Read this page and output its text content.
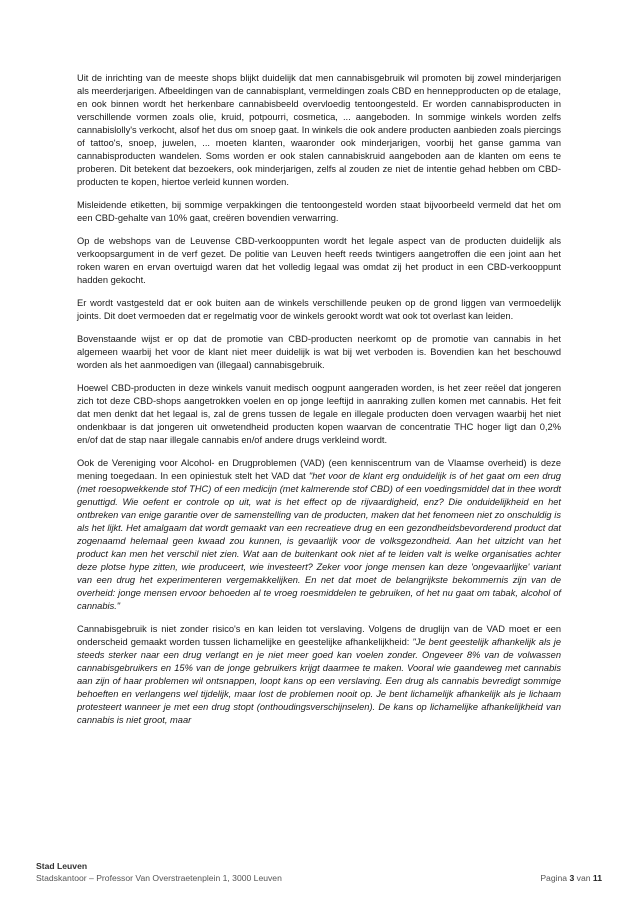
Uit de inrichting van de meeste shops blijkt duidelijk dat men cannabisgebruik wil promoten bij zowel minderjarigen als meerderjarigen. Afbeeldingen van de cannabisplant, vermeldingen zoals CBD en hennepproducten op de etalage, en ook binnen wordt het herkenbare cannabisbeeld overvloedig tentoongesteld. Er worden cannabisproducten in verschillende vormen zoals olie, kruid, potpourri, cosmetica, ... aangeboden. In sommige winkels worden zelfs cannabislolly's verkocht, alsof het dus om snoep gaat. In winkels die ook andere producten aanbieden zoals piercings of tattoo's, snoep, juwelen, ... moeten klanten, waaronder ook minderjarigen, voorbij het ganse gamma van cannabisproducten wandelen. Soms worden er ook stalen cannabiskruid aangeboden aan de klanten om eens te proberen. Dit betekent dat bezoekers, ook minderjarigen, zelfs al zouden ze niet de intentie gehad hebben om CBD-producten te kopen, hiertoe verleid kunnen worden.

Misleidende etiketten, bij sommige verpakkingen die tentoongesteld worden staat bijvoorbeeld vermeld dat het om een CBD-gehalte van 10% gaat, creëren bovendien verwarring.

Op de webshops van de Leuvense CBD-verkooppunten wordt het legale aspect van de producten duidelijk als verkoopsargument in de verf gezet. De politie van Leuven heeft reeds twintigers aangetroffen die een joint aan het roken waren en ervan overtuigd waren dat het volledig legaal was omdat zij het product in een CBD-verkooppunt hadden gekocht.

Er wordt vastgesteld dat er ook buiten aan de winkels verschillende peuken op de grond liggen van vermoedelijk joints. Dit doet vermoeden dat er regelmatig voor de winkels gerookt wordt wat ook tot overlast kan leiden.

Bovenstaande wijst er op dat de promotie van CBD-producten neerkomt op de promotie van cannabis in het algemeen waarbij het voor de klant niet meer duidelijk is wat bij wet verboden is. Bovendien kan het beschouwd worden als het aanmoedigen van (illegaal) cannabisgebruik.

Hoewel CBD-producten in deze winkels vanuit medisch oogpunt aangeraden worden, is het zeer reëel dat jongeren zich tot deze CBD-shops aangetrokken voelen en op jonge leeftijd in aanraking zullen komen met cannabis. Het feit dat men denkt dat het legaal is, zal de grens tussen de legale en illegale producten doen vervagen waarbij het niet ondenkbaar is dat jongeren uit onwetendheid producten kopen waarvan de concentratie THC hoger ligt dan 0,2% en/of dat de stap naar illegale cannabis en/of andere drugs verkleind wordt.

Ook de Vereniging voor Alcohol- en Drugproblemen (VAD) (een kenniscentrum van de Vlaamse overheid) is deze mening toegedaan. In een opiniestuk stelt het VAD dat "het voor de klant erg onduidelijk is of het gaat om een drug (met roesopwekkende stof THC) of een medicijn (met kalmerende stof CBD) of een voedingsmiddel dat in thee wordt genuttigd. Wie oefent er controle op uit, wat is het effect op de rijvaardigheid, enz? Die onduidelijkheid en het ontbreken van enige garantie over de samenstelling van de producten, maken dat het fenomeen niet zo onschuldig is als het lijkt. Het amalgaam dat wordt gemaakt van een recreatieve drug en een gezondheidsbevorderend product dat zogenaamd helemaal geen kwaad zou kunnen, is gevaarlijk voor de volksgezondheid. Aan het uitzicht van het product kan men het verschil niet zien. Wat aan de buitenkant ook niet af te leiden valt is welke organisaties achter deze plotse hype zitten, wie produceert, wie investeert? Zeker voor jonge mensen kan deze 'ongevaarlijke' variant van een drug het experimenteren vergemakkelijken. En net dat moet de belangrijkste bekommernis zijn van de overheid: jonge mensen ervoor behoeden al te vroeg roesmiddelen te gebruiken, of het nu gaat om tabak, alcohol of cannabis."

Cannabisgebruik is niet zonder risico's en kan leiden tot verslaving. Volgens de druglijn van de VAD moet er een onderscheid gemaakt worden tussen lichamelijke en geestelijke afhankelijkheid: "Je bent geestelijk afhankelijk als je steeds sterker naar een drug verlangt en je niet meer goed kan voelen zonder. Ongeveer 8% van de volwassen cannabisgebruikers en 15% van de jonge gebruikers krijgt daarmee te maken. Vooral wie gaandeweg met cannabis aan zijn of haar problemen wil ontsnappen, loopt kans op een verslaving. Een drug als cannabis bevredigt sommige behoeften en verlangens wel tijdelijk, maar lost de problemen nooit op. Je bent lichamelijk afhankelijk als je lichaam protesteert wanneer je met een drug stopt (onthoudingsverschijnselen). De kans op lichamelijke afhankelijkheid van cannabis is niet groot, maar

Stad Leuven
Stadskantoor – Professor Van Overstraetenplein 1, 3000 Leuven	Pagina 3 van 11
